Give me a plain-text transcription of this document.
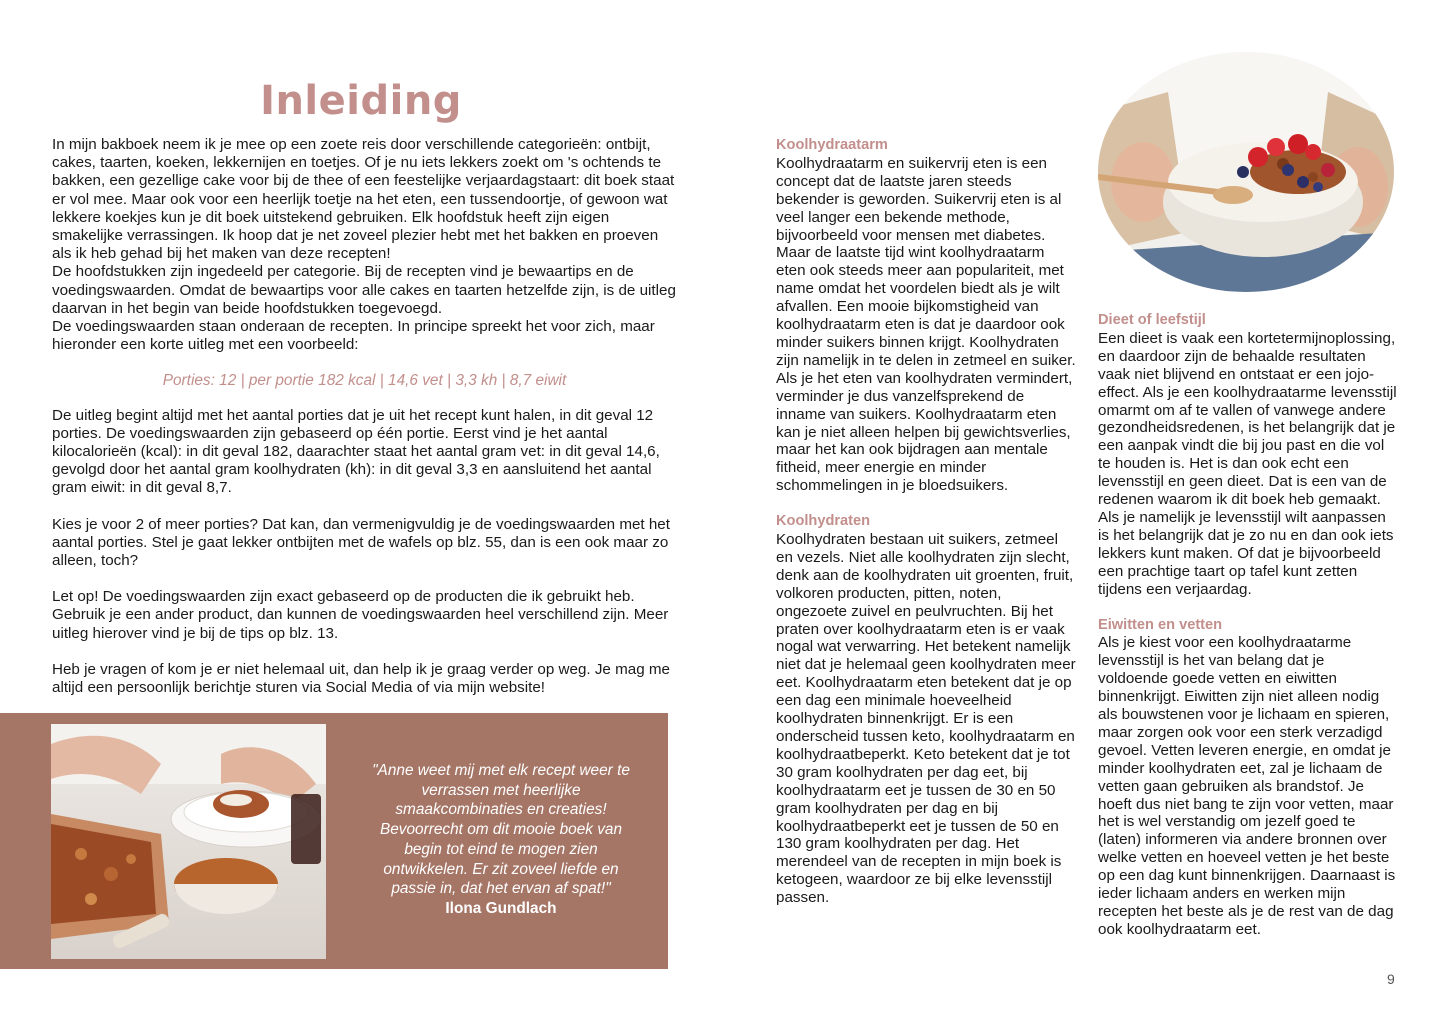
Inleiding

In mijn bakboek neem ik je mee op een zoete reis door verschillende categorieën: ontbijt, cakes, taarten, koeken, lekkernijen en toetjes. Of je nu iets lekkers zoekt om 's ochtends te bakken, een gezellige cake voor bij de thee of een feestelijke verjaardagstaart: dit boek staat er vol mee. Maar ook voor een heerlijk toetje na het eten, een tussendoortje, of gewoon wat lekkere koekjes kun je dit boek uitstekend gebruiken. Elk hoofdstuk heeft zijn eigen smakelijke verrassingen. Ik hoop dat je net zoveel plezier hebt met het bakken en proeven als ik heb gehad bij het maken van deze recepten!

De hoofdstukken zijn ingedeeld per categorie. Bij de recepten vind je bewaartips en de voedingswaarden. Omdat de bewaartips voor alle cakes en taarten hetzelfde zijn, is de uitleg daarvan in het begin van beide hoofdstukken toegevoegd.

De voedingswaarden staan onderaan de recepten. In principe spreekt het voor zich, maar hieronder een korte uitleg met een voorbeeld:

Porties: 12 | per portie 182 kcal | 14,6 vet | 3,3 kh | 8,7 eiwit

De uitleg begint altijd met het aantal porties dat je uit het recept kunt halen, in dit geval 12 porties. De voedingswaarden zijn gebaseerd op één portie. Eerst vind je het aantal kilocalorieën (kcal): in dit geval 182, daarachter staat het aantal gram vet: in dit geval 14,6, gevolgd door het aantal gram koolhydraten (kh): in dit geval 3,3 en aansluitend het aantal gram eiwit: in dit geval 8,7.

Kies je voor 2 of meer porties? Dat kan, dan vermenigvuldig je de voedingswaarden met het aantal porties. Stel je gaat lekker ontbijten met de wafels op blz. 55, dan is een ook maar zo alleen, toch?

Let op! De voedingswaarden zijn exact gebaseerd op de producten die ik gebruikt heb. Gebruik je een ander product, dan kunnen de voedingswaarden heel verschillend zijn. Meer uitleg hierover vind je bij de tips op blz. 13.

Heb je vragen of kom je er niet helemaal uit, dan help ik je graag verder op weg. Je mag me altijd een persoonlijk berichtje sturen via Social Media of via mijn website!

"Anne weet mij met elk recept weer te verrassen met heerlijke smaakcombinaties en creaties! Bevoorrecht om dit mooie boek van begin tot eind te mogen zien ontwikkelen. Er zit zoveel liefde en passie in, dat het ervan af spat!"
Ilona Gundlach
Koolhydraatarm

Koolhydraatarm en suikervrij eten is een concept dat de laatste jaren steeds bekender is geworden. Suikervrij eten is al veel langer een bekende methode, bijvoorbeeld voor mensen met diabetes. Maar de laatste tijd wint koolhydraatarm eten ook steeds meer aan populariteit, met name omdat het voordelen biedt als je wilt afvallen. Een mooie bijkomstigheid van koolhydraatarm eten is dat je daardoor ook minder suikers binnen krijgt. Koolhydraten zijn namelijk in te delen in zetmeel en suiker. Als je het eten van koolhydraten vermindert, verminder je dus vanzelfsprekend de inname van suikers. Koolhydraatarm eten kan je niet alleen helpen bij gewichtsverlies, maar het kan ook bijdragen aan mentale fitheid, meer energie en minder schommelingen in je bloedsuikers.

Koolhydraten

Koolhydraten bestaan uit suikers, zetmeel en vezels. Niet alle koolhydraten zijn slecht, denk aan de koolhydraten uit groenten, fruit, volkoren producten, pitten, noten, ongezoete zuivel en peulvruchten. Bij het praten over koolhydraatarm eten is er vaak nogal wat verwarring. Het betekent namelijk niet dat je helemaal geen koolhydraten meer eet. Koolhydraatarm eten betekent dat je op een dag een minimale hoeveelheid koolhydraten binnenkrijgt. Er is een onderscheid tussen keto, koolhydraatarm en koolhydraatbeperkt. Keto betekent dat je tot 30 gram koolhydraten per dag eet, bij koolhydraatarm eet je tussen de 30 en 50 gram koolhydraten per dag en bij koolhydraatbeperkt eet je tussen de 50 en 130 gram koolhydraten per dag. Het merendeel van de recepten in mijn boek is ketogeen, waardoor ze bij elke levensstijl passen.

Dieet of leefstijl

Een dieet is vaak een kortetermijnoplossing, en daardoor zijn de behaalde resultaten vaak niet blijvend en ontstaat er een jojo-effect. Als je een koolhydraatarme levensstijl omarmt om af te vallen of vanwege andere gezondheidsredenen, is het belangrijk dat je een aanpak vindt die bij jou past en die vol te houden is. Het is dan ook echt een levensstijl en geen dieet. Dat is een van de redenen waarom ik dit boek heb gemaakt. Als je namelijk je levensstijl wilt aanpassen is het belangrijk dat je zo nu en dan ook iets lekkers kunt maken. Of dat je bijvoorbeeld een prachtige taart op tafel kunt zetten tijdens een verjaardag.

Eiwitten en vetten

Als je kiest voor een koolhydraatarme levensstijl is het van belang dat je voldoende goede vetten en eiwitten binnenkrijgt. Eiwitten zijn niet alleen nodig als bouwstenen voor je lichaam en spieren, maar zorgen ook voor een sterk verzadigd gevoel. Vetten leveren energie, en omdat je minder koolhydraten eet, zal je lichaam de vetten gaan gebruiken als brandstof. Je hoeft dus niet bang te zijn voor vetten, maar het is wel verstandig om jezelf goed te (laten) informeren via andere bronnen over welke vetten en hoeveel vetten je het beste op een dag kunt binnenkrijgen. Daarnaast is ieder lichaam anders en werken mijn recepten het beste als je de rest van de dag ook koolhydraatarm eet.

9
